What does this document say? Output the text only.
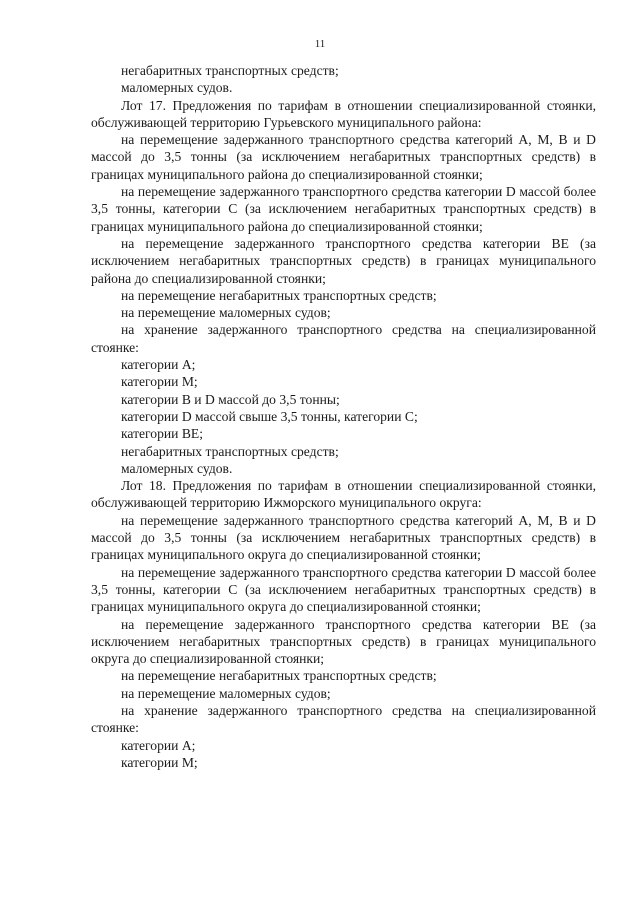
11

негабаритных транспортных средств;

маломерных судов.

Лот 17. Предложения по тарифам в отношении специализированной стоянки, обслуживающей территорию Гурьевского муниципального района:

на перемещение задержанного транспортного средства категорий А, М, В и D массой до 3,5 тонны (за исключением негабаритных транспортных средств) в границах муниципального района до специализированной стоянки;

на перемещение задержанного транспортного средства категории D массой более 3,5 тонны, категории С (за исключением негабаритных транспортных средств) в границах муниципального района до специализированной стоянки;

на перемещение задержанного транспортного средства категории ВЕ (за исключением негабаритных транспортных средств) в границах муниципального района до специализированной стоянки;

на перемещение негабаритных транспортных средств;

на перемещение маломерных судов;

на хранение задержанного транспортного средства на специализированной стоянке:

категории А;

категории М;

категории В и D массой до 3,5 тонны;

категории D массой свыше 3,5 тонны, категории С;

категории ВЕ;

негабаритных транспортных средств;

маломерных судов.

Лот 18. Предложения по тарифам в отношении специализированной стоянки, обслуживающей территорию Ижморского муниципального округа:

на перемещение задержанного транспортного средства категорий А, М, В и D массой до 3,5 тонны (за исключением негабаритных транспортных средств) в границах муниципального округа до специализированной стоянки;

на перемещение задержанного транспортного средства категории D массой более 3,5 тонны, категории С (за исключением негабаритных транспортных средств) в границах муниципального округа до специализированной стоянки;

на перемещение задержанного транспортного средства категории ВЕ (за исключением негабаритных транспортных средств) в границах муниципального округа до специализированной стоянки;

на перемещение негабаритных транспортных средств;

на перемещение маломерных судов;

на хранение задержанного транспортного средства на специализированной стоянке:

категории А;

категории М;
